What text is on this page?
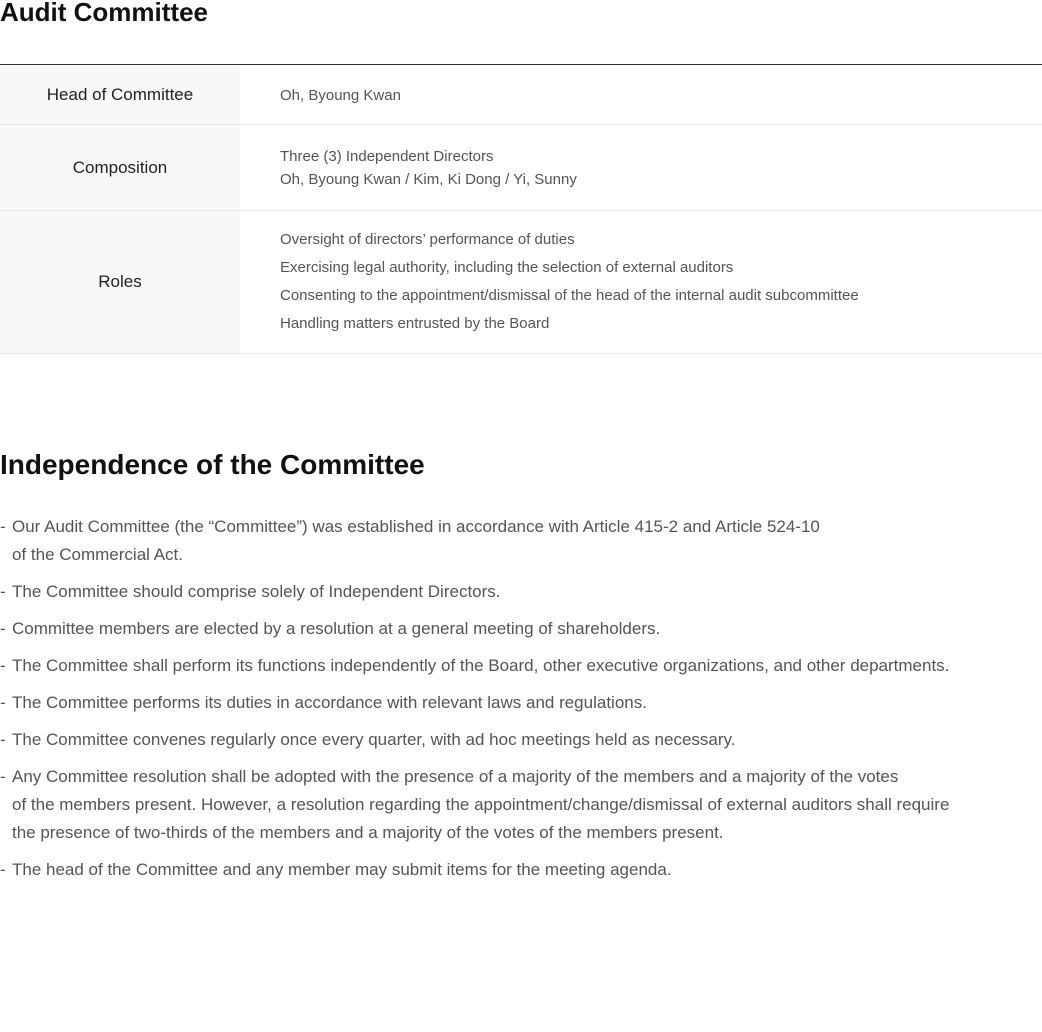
Audit Committee
Head of Committee	Oh, Byoung Kwan
Composition
Three (3) Independent Directors
Oh, Byoung Kwan / Kim, Ki Dong / Yi, Sunny
Roles
Oversight of directors’ performance of duties
Exercising legal authority, including the selection of external auditors
Consenting to the appointment/dismissal of the head of the internal audit subcommittee
Handling matters entrusted by the Board
Independence of the Committee
- Our Audit Committee (the “Committee”) was established in accordance with Article 415-2 and Article 524-10
of the Commercial Act.
- The Committee should comprise solely of Independent Directors.
- Committee members are elected by a resolution at a general meeting of shareholders.
- The Committee shall perform its functions independently of the Board, other executive organizations, and other departments.
- The Committee performs its duties in accordance with relevant laws and regulations.
- The Committee convenes regularly once every quarter, with ad hoc meetings held as necessary.
- Any Committee resolution shall be adopted with the presence of a majority of the members and a majority of the votes
of the members present. However, a resolution regarding the appointment/change/dismissal of external auditors shall require
the presence of two-thirds of the members and a majority of the votes of the members present.
- The head of the Committee and any member may submit items for the meeting agenda.
